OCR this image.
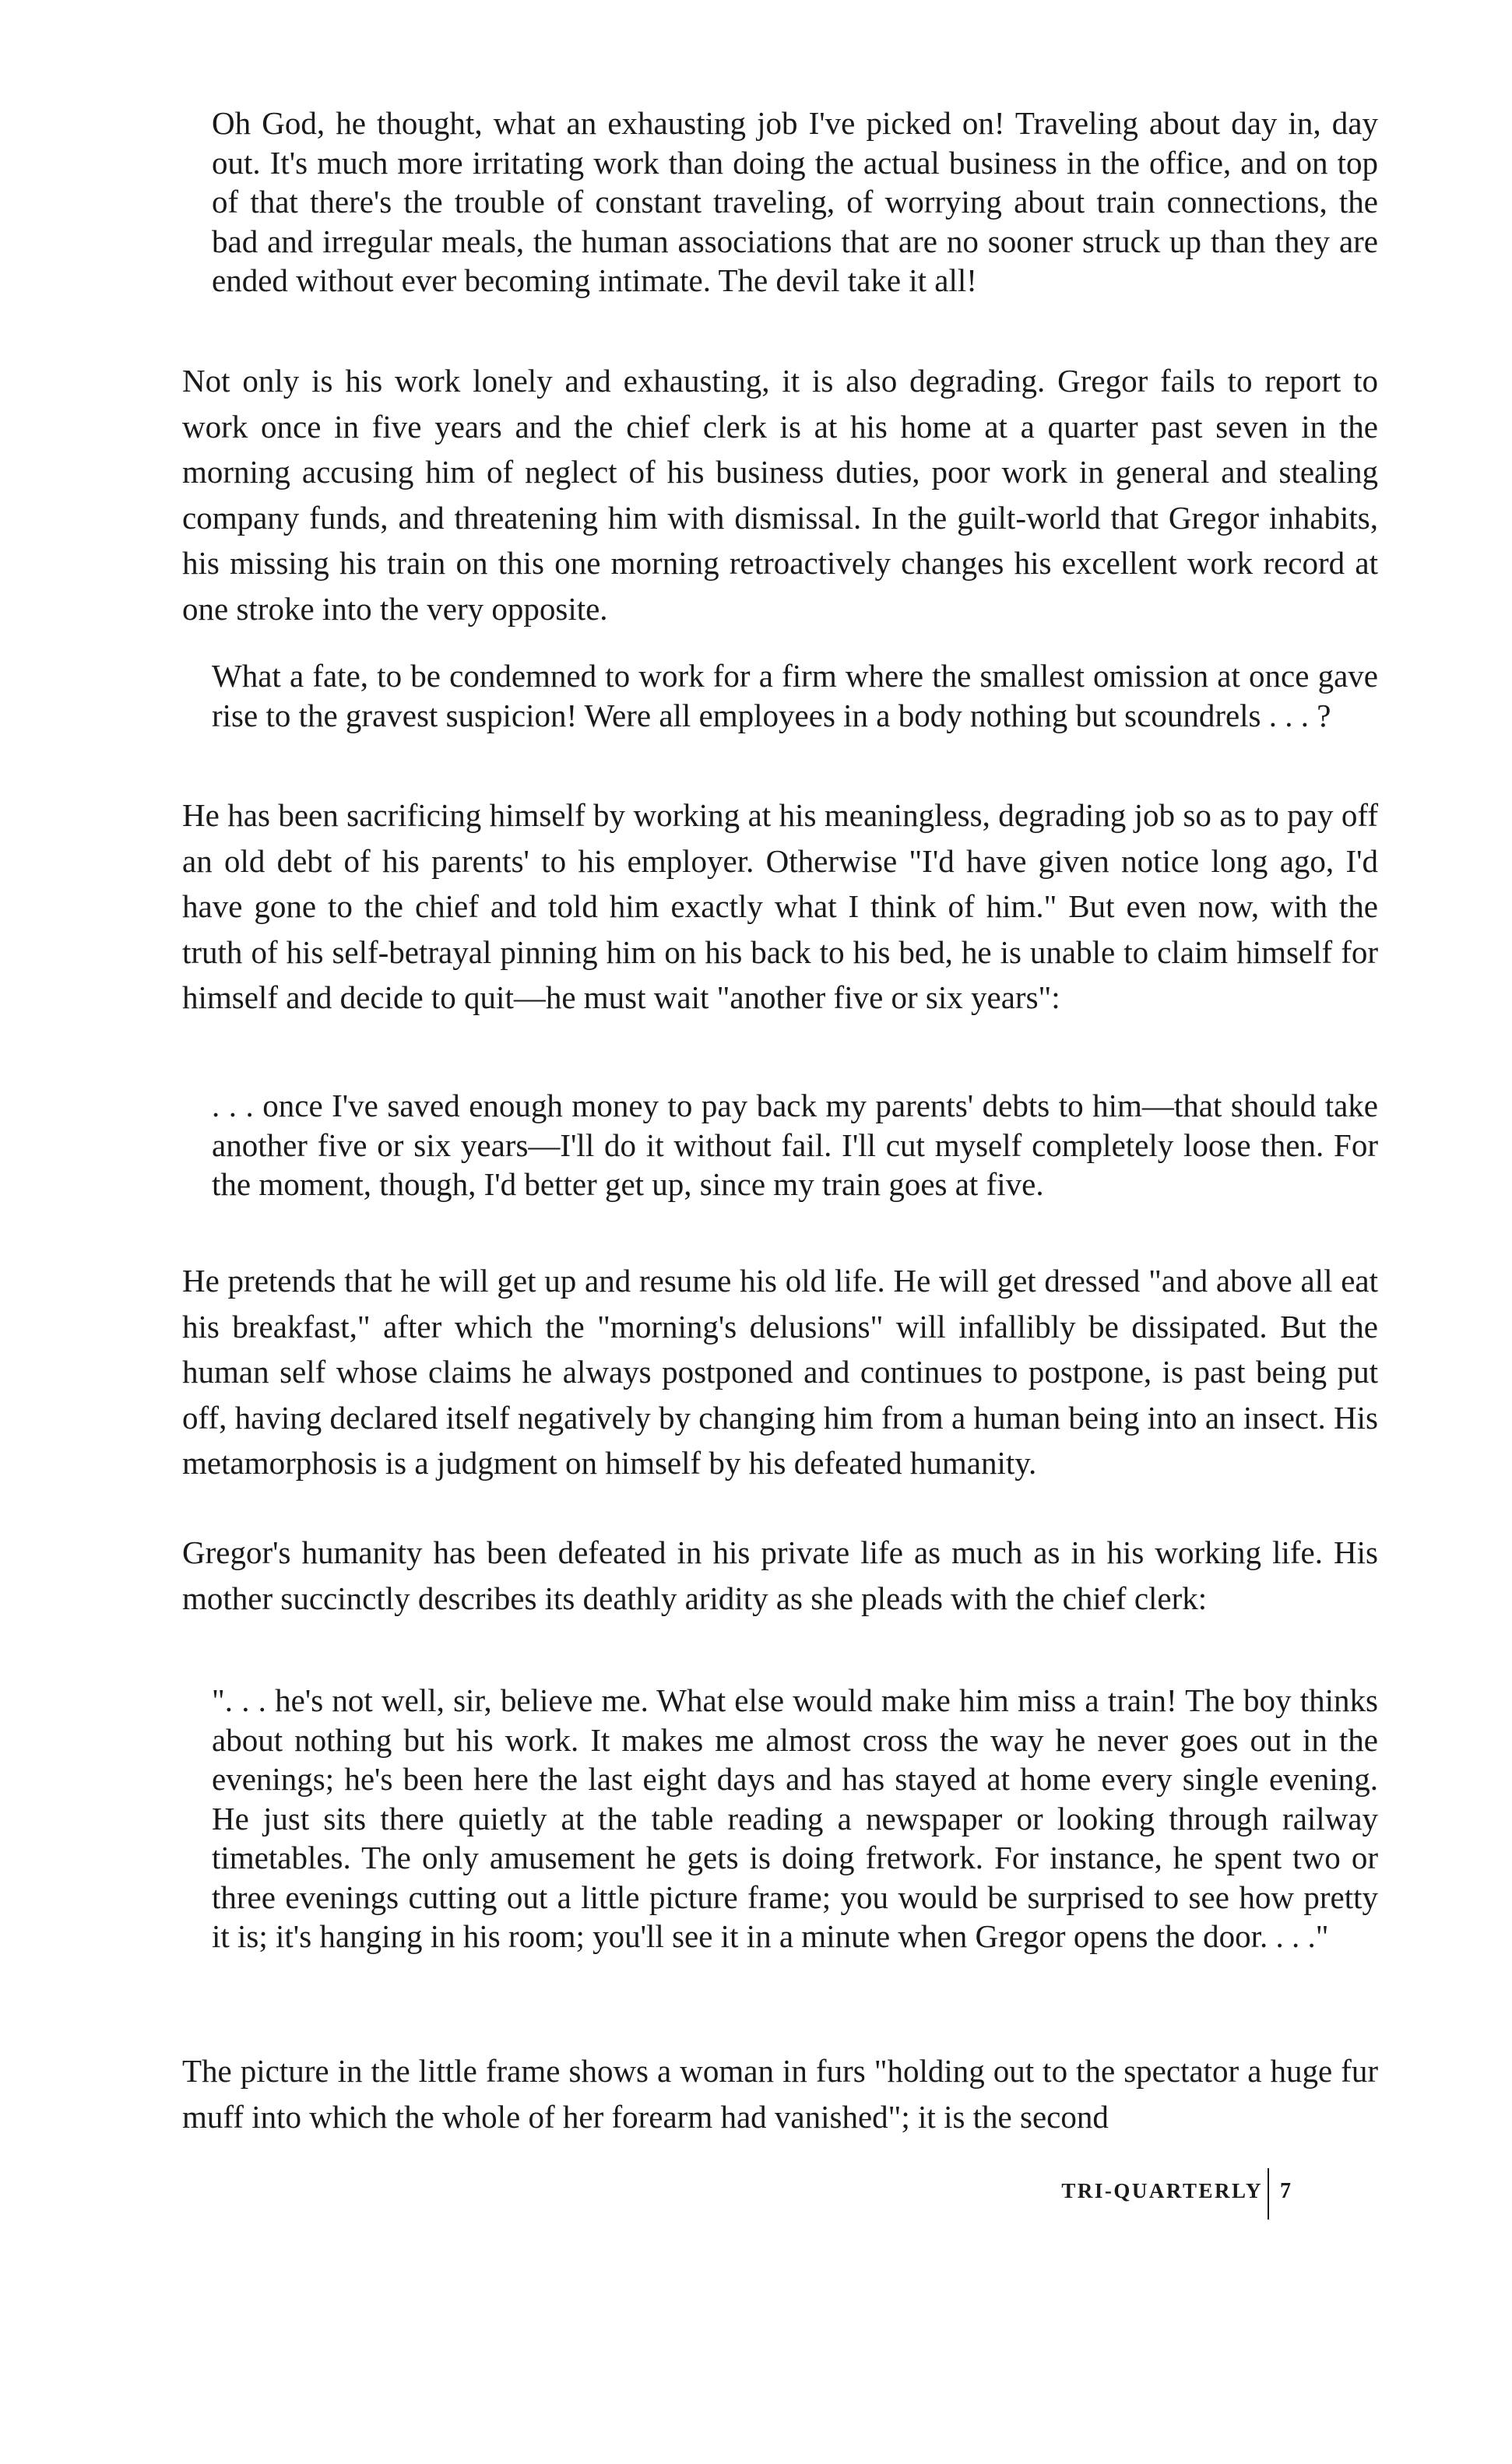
Oh God, he thought, what an exhausting job I've picked on! Traveling about day in, day out. It's much more irritating work than doing the actual business in the office, and on top of that there's the trouble of constant traveling, of worrying about train connections, the bad and irregular meals, the human associations that are no sooner struck up than they are ended without ever becoming intimate. The devil take it all!

Not only is his work lonely and exhausting, it is also degrading. Gregor fails to report to work once in five years and the chief clerk is at his home at a quarter past seven in the morning accusing him of neglect of his business duties, poor work in general and stealing company funds, and threatening him with dismissal. In the guilt-world that Gregor inhabits, his missing his train on this one morning retroactively changes his excellent work record at one stroke into the very opposite.

What a fate, to be condemned to work for a firm where the smallest omission at once gave rise to the gravest suspicion! Were all employees in a body nothing but scoundrels . . . ?

He has been sacrificing himself by working at his meaningless, degrading job so as to pay off an old debt of his parents' to his employer. Otherwise "I'd have given notice long ago, I'd have gone to the chief and told him exactly what I think of him." But even now, with the truth of his self-betrayal pinning him on his back to his bed, he is unable to claim himself for himself and decide to quit—he must wait "another five or six years":

. . . once I've saved enough money to pay back my parents' debts to him—that should take another five or six years—I'll do it without fail. I'll cut myself completely loose then. For the moment, though, I'd better get up, since my train goes at five.

He pretends that he will get up and resume his old life. He will get dressed "and above all eat his breakfast," after which the "morning's delusions" will infallibly be dissipated. But the human self whose claims he always postponed and continues to postpone, is past being put off, having declared itself negatively by changing him from a human being into an insect. His metamorphosis is a judgment on himself by his defeated humanity.

Gregor's humanity has been defeated in his private life as much as in his working life. His mother succinctly describes its deathly aridity as she pleads with the chief clerk:

". . . he's not well, sir, believe me. What else would make him miss a train! The boy thinks about nothing but his work. It makes me almost cross the way he never goes out in the evenings; he's been here the last eight days and has stayed at home every single evening. He just sits there quietly at the table reading a newspaper or looking through railway timetables. The only amusement he gets is doing fretwork. For instance, he spent two or three evenings cutting out a little picture frame; you would be surprised to see how pretty it is; it's hanging in his room; you'll see it in a minute when Gregor opens the door. . . ."

The picture in the little frame shows a woman in furs "holding out to the spectator a huge fur muff into which the whole of her forearm had vanished"; it is the second

TRI-QUARTERLY 7
